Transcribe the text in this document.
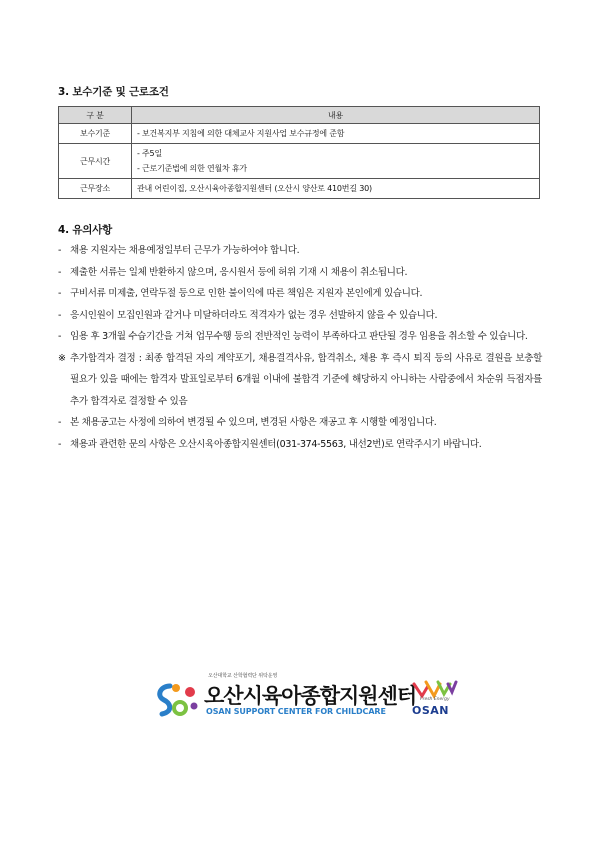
3. 보수기준 및 근로조건
구 분	내용
보수기준	- 보건복지부 지침에 의한 대체교사 지원사업 보수규정에 준함

근무시간	- 주5일
- 근로기준법에 의한 연월차 휴가

근무장소	관내 어린이집, 오산시육아종합지원센터 (오산시 양산로 410번길 30)
4. 유의사항
- 채용 지원자는 채용예정일부터 근무가 가능하여야 합니다.
- 제출한 서류는 일체 반환하지 않으며, 응시원서 등에 허위 기재 시 채용이 취소됩니다.
- 구비서류 미제출, 연락두절 등으로 인한 불이익에 따른 책임은 지원자 본인에게 있습니다.
- 응시인원이 모집인원과 같거나 미달하더라도 적격자가 없는 경우 선발하지 않을 수 있습니다.
- 임용 후 3개월 수습기간을 거쳐 업무수행 등의 전반적인 능력이 부족하다고 판단될 경우 임용을 취소할 수 있습니다.
※ 추가합격자 결정 : 최종 합격된 자의 계약포기, 채용결격사유, 합격취소, 채용 후 즉시 퇴직 등의 사유로 결원을 보충할 필요가 있을 때에는 합격자 발표일로부터 6개월 이내에 불합격 기준에 해당하지 아니하는 사람중에서 차순위 득점자를 추가 합격자로 결정할 수 있음
- 본 채용공고는 사정에 의하여 변경될 수 있으며, 변경된 사항은 재공고 후 시행할 예정입니다.
- 채용과 관련한 문의 사항은 오산시육아종합지원센터(031-374-5563, 내선2번)로 연락주시기 바랍니다.
오산대학교 산학협력단 위탁운영
오산시육아종합지원센터
OSAN SUPPORT CENTER FOR CHILDCARE
Fresh Energy
OSAN
